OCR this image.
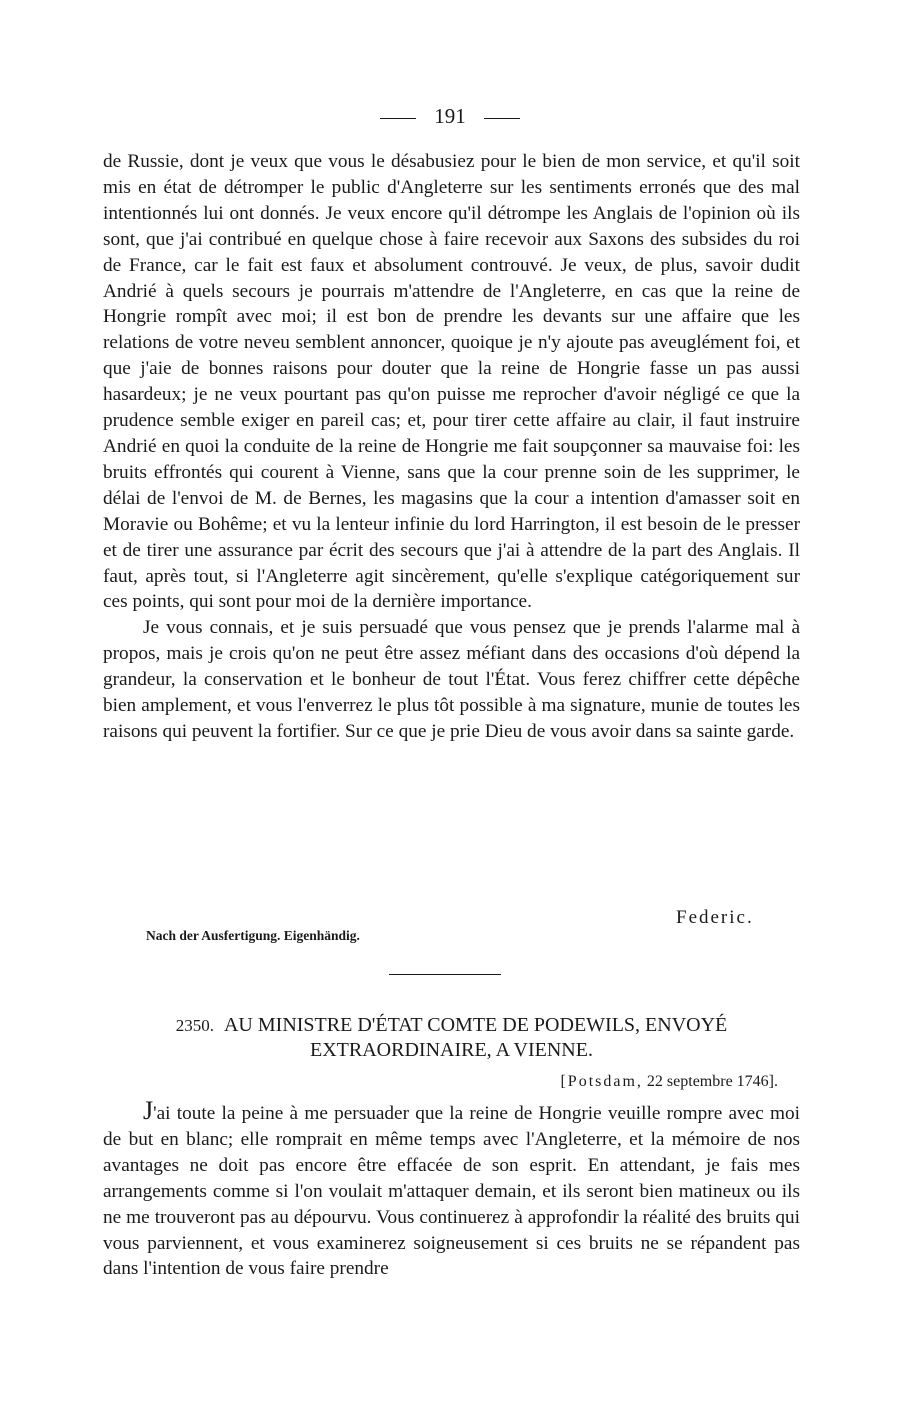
191

de Russie, dont je veux que vous le désabusiez pour le bien de mon service, et qu'il soit mis en état de détromper le public d'Angleterre sur les sentiments erronés que des mal intentionnés lui ont donnés. Je veux encore qu'il détrompe les Anglais de l'opinion où ils sont, que j'ai contribué en quelque chose à faire recevoir aux Saxons des subsides du roi de France, car le fait est faux et absolument controuvé. Je veux, de plus, savoir dudit Andrié à quels secours je pourrais m'attendre de l'Angleterre, en cas que la reine de Hongrie rompît avec moi; il est bon de prendre les devants sur une affaire que les relations de votre neveu semblent annoncer, quoique je n'y ajoute pas aveuglément foi, et que j'aie de bonnes raisons pour douter que la reine de Hongrie fasse un pas aussi hasardeux; je ne veux pourtant pas qu'on puisse me reprocher d'avoir négligé ce que la prudence semble exiger en pareil cas; et, pour tirer cette affaire au clair, il faut instruire Andrié en quoi la conduite de la reine de Hongrie me fait soupçonner sa mauvaise foi: les bruits effrontés qui courent à Vienne, sans que la cour prenne soin de les supprimer, le délai de l'envoi de M. de Bernes, les magasins que la cour a intention d'amasser soit en Moravie ou Bohême; et vu la lenteur infinie du lord Harrington, il est besoin de le presser et de tirer une assurance par écrit des secours que j'ai à attendre de la part des Anglais. Il faut, après tout, si l'Angleterre agit sincèrement, qu'elle s'explique catégoriquement sur ces points, qui sont pour moi de la dernière importance.

Je vous connais, et je suis persuadé que vous pensez que je prends l'alarme mal à propos, mais je crois qu'on ne peut être assez méfiant dans des occasions d'où dépend la grandeur, la conservation et le bonheur de tout l'État. Vous ferez chiffrer cette dépêche bien amplement, et vous l'enverrez le plus tôt possible à ma signature, munie de toutes les raisons qui peuvent la fortifier. Sur ce que je prie Dieu de vous avoir dans sa sainte garde.

Federic.
Nach der Ausfertigung. Eigenhändig.
2350. AU MINISTRE D'ÉTAT COMTE DE PODEWILS, ENVOYÉ EXTRAORDINAIRE, A VIENNE.
[Potsdam, 22 septembre 1746].

J'ai toute la peine à me persuader que la reine de Hongrie veuille rompre avec moi de but en blanc; elle romprait en même temps avec l'Angleterre, et la mémoire de nos avantages ne doit pas encore être effacée de son esprit. En attendant, je fais mes arrangements comme si l'on voulait m'attaquer demain, et ils seront bien matineux ou ils ne me trouveront pas au dépourvu. Vous continuerez à approfondir la réalité des bruits qui vous parviennent, et vous examinerez soigneusement si ces bruits ne se répandent pas dans l'intention de vous faire prendre
